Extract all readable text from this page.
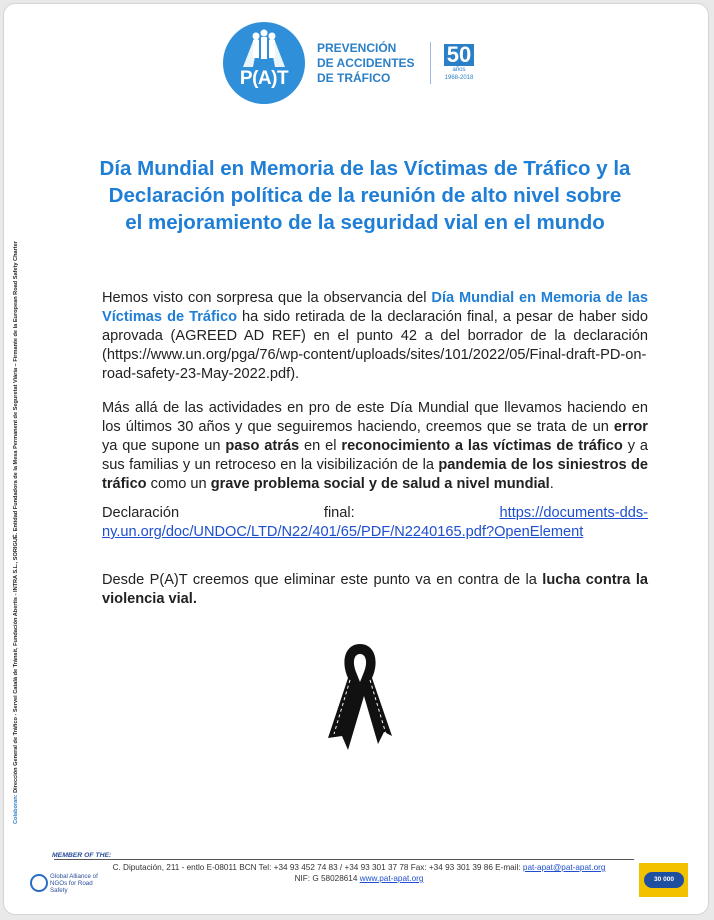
P(A)T
PREVENCIÓN
DE ACCIDENTES
DE TRÁFICO
50
años
1968-2018
Colaboran: Dirección General de Tráfico - Servei Català de Trànsit, Fundación Abertis - INTRA S.L., SORIGUÉ. Entidad Fundadora de la Mesa Permanent de Seguretat Viària – Firmante de la European Road Safety Charter
Día Mundial en Memoria de las Víctimas de Tráfico y la
Declaración política de la reunión de alto nivel sobre
el mejoramiento de la seguridad vial en el mundo
Hemos visto con sorpresa que la observancia del Día Mundial en Memoria de las Víctimas de Tráfico ha sido retirada de la declaración final, a pesar de haber sido aprovada (AGREED AD REF) en el punto 42 a del borrador de la declaración (https://www.un.org/pga/76/wp-content/uploads/sites/101/2022/05/Final-draft-PD-on-road-safety-23-May-2022.pdf).
Más allá de las actividades en pro de este Día Mundial que llevamos haciendo en los últimos 30 años y que seguiremos haciendo, creemos que se trata de un error ya que supone un paso atrás en el reconocimiento a las víctimas de tráfico y a sus familias y un retroceso en la visibilización de la pandemia de los siniestros de tráfico como un grave problema social y de salud a nivel mundial.
Declaración final: https://documents-dds-ny.un.org/doc/UNDOC/LTD/N22/401/65/PDF/N2240165.pdf?OpenElement
Desde P(A)T creemos que eliminar este punto va en contra de la lucha contra la violencia vial.
MEMBER OF THE:
C. Diputación, 211 - entlo E-08011 BCN Tel: +34 93 452 74 83 / +34 93 301 37 78 Fax: +34 93 301 39 86 E-mail: pat-apat@pat-apat.org
NIF: G 58028614 www.pat-apat.org
Global Alliance of
NGOs for Road Safety
30 000
